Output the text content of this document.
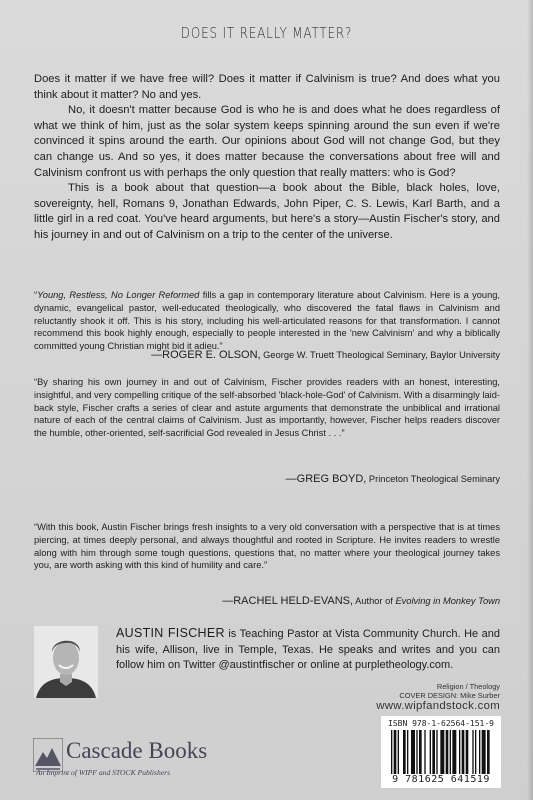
DOES IT REALLY MATTER?

Does it matter if we have free will? Does it matter if Calvinism is true? And does what you think about it matter? No and yes.

No, it doesn't matter because God is who he is and does what he does regardless of what we think of him, just as the solar system keeps spinning around the sun even if we're convinced it spins around the earth. Our opinions about God will not change God, but they can change us. And so yes, it does matter because the conversations about free will and Calvinism confront us with perhaps the only question that really matters: who is God?

This is a book about that question—a book about the Bible, black holes, love, sovereignty, hell, Romans 9, Jonathan Edwards, John Piper, C. S. Lewis, Karl Barth, and a little girl in a red coat. You've heard arguments, but here's a story—Austin Fischer's story, and his journey in and out of Calvinism on a trip to the center of the universe.

“Young, Restless, No Longer Reformed fills a gap in contemporary literature about Calvinism. Here is a young, dynamic, evangelical pastor, well-educated theologically, who discovered the fatal flaws in Calvinism and reluctantly shook it off. This is his story, including his well-articulated reasons for that transformation. I cannot recommend this book highly enough, especially to people interested in the 'new Calvinism' and why a biblically committed young Christian might bid it adieu.”

—ROGER E. OLSON, George W. Truett Theological Seminary, Baylor University

“By sharing his own journey in and out of Calvinism, Fischer provides readers with an honest, interesting, insightful, and very compelling critique of the self-absorbed 'black-hole-God' of Calvinism. With a disarmingly laid-back style, Fischer crafts a series of clear and astute arguments that demonstrate the unbiblical and irrational nature of each of the central claims of Calvinism. Just as importantly, however, Fischer helps readers discover the humble, other-oriented, self-sacrificial God revealed in Jesus Christ . . .”

—GREG BOYD, Princeton Theological Seminary

“With this book, Austin Fischer brings fresh insights to a very old conversation with a perspective that is at times piercing, at times deeply personal, and always thoughtful and rooted in Scripture. He invites readers to wrestle along with him through some tough questions, questions that, no matter where your theological journey takes you, are worth asking with this kind of humility and care.”

—RACHEL HELD-EVANS, Author of Evolving in Monkey Town
AUSTIN FISCHER is Teaching Pastor at Vista Community Church. He and his wife, Allison, live in Temple, Texas. He speaks and writes and you can follow him on Twitter @austintfischer or online at purpletheology.com.
Religion / Theology
COVER DESIGN: Mike Surber
www.wipfandstock.com
ISBN 978-1-62564-151-9
9 781625 641519
Cascade Books
An Imprint of WIPF and STOCK Publishers
